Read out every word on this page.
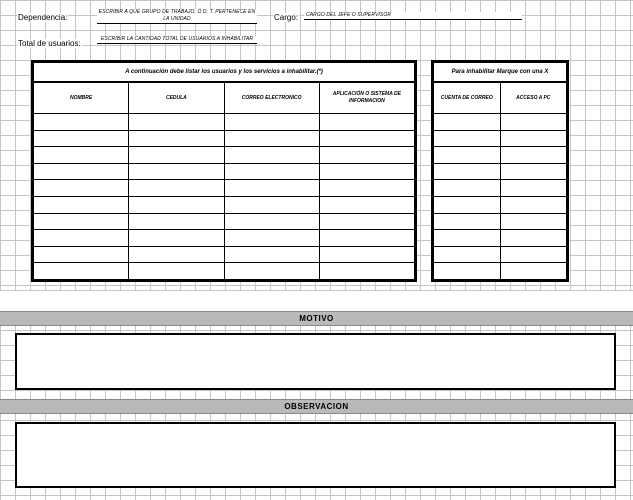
Dependencia:
ESCRIBIR A QUÉ GRUPO DE TRABAJO, Ó D. T. PERTENECE EN LA UNIDAD	Cargo:	CARGO DEL JEFE O SUPERVISOR
Total de usuarios:	ESCRIBIR LA CANTIDAD TOTAL DE USUARIOS A INHABILITAR
A continuación debe listar los usuarios y los servicios a inhabilitar.(*)			
NOMBRE	CEDULA	CORREO ELECTRONICO	APLICACIÓN O SISTEMA DE INFORMACION

Para inhabilitar Marque con una X	
CUENTA DE CORREO	ACCESO A PC

MOTIVO
OBSERVACION
